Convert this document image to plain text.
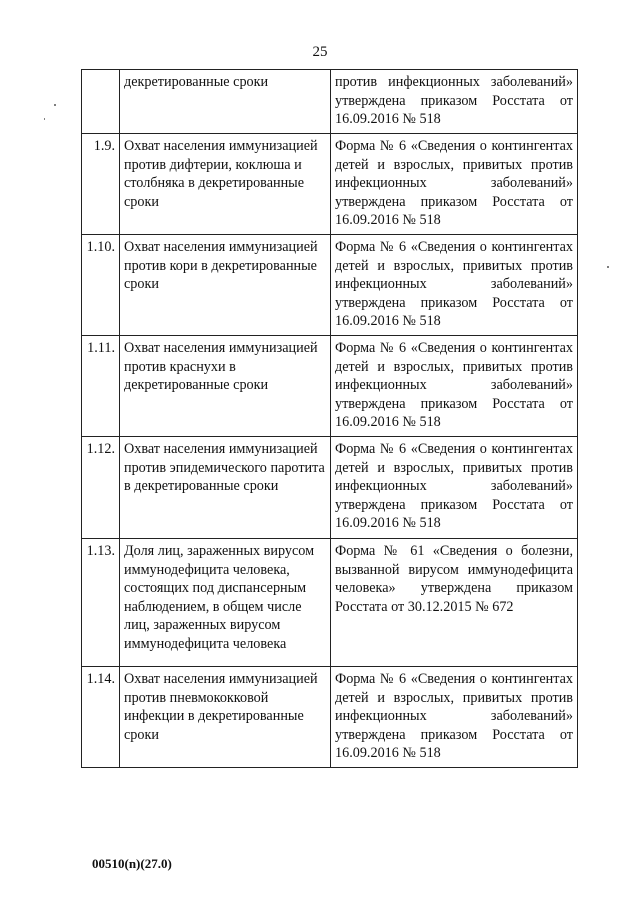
25
	декретированные сроки	против инфекционных заболеваний» утверждена приказом Росстата от 16.09.2016 № 518
1.9.	Охват населения иммунизацией против дифтерии, коклюша и столбняка в декретированные сроки	Форма № 6 «Сведения о контингентах детей и взрослых, привитых против инфекционных заболеваний» утверждена приказом Росстата от 16.09.2016 № 518
1.10.	Охват населения иммунизацией против кори в декретированные сроки	Форма № 6 «Сведения о контингентах детей и взрослых, привитых против инфекционных заболеваний» утверждена приказом Росстата от 16.09.2016 № 518
1.11.	Охват населения иммунизацией против краснухи в декретированные сроки	Форма № 6 «Сведения о контингентах детей и взрослых, привитых против инфекционных заболеваний» утверждена приказом Росстата от 16.09.2016 № 518
1.12.	Охват населения иммунизацией против эпидемического паротита в декретированные сроки	Форма № 6 «Сведения о контингентах детей и взрослых, привитых против инфекционных заболеваний» утверждена приказом Росстата от 16.09.2016 № 518
1.13.	Доля лиц, зараженных вирусом иммунодефицита человека, состоящих под диспансерным наблюдением, в общем числе лиц, зараженных вирусом иммунодефицита человека	Форма № 61 «Сведения о болезни, вызванной вирусом иммунодефицита человека» утверждена приказом Росстата от 30.12.2015 № 672
1.14.	Охват населения иммунизацией против пневмококковой инфекции в декретированные сроки	Форма № 6 «Сведения о контингентах детей и взрослых, привитых против инфекционных заболеваний» утверждена приказом Росстата от 16.09.2016 № 518
00510(n)(27.0)
